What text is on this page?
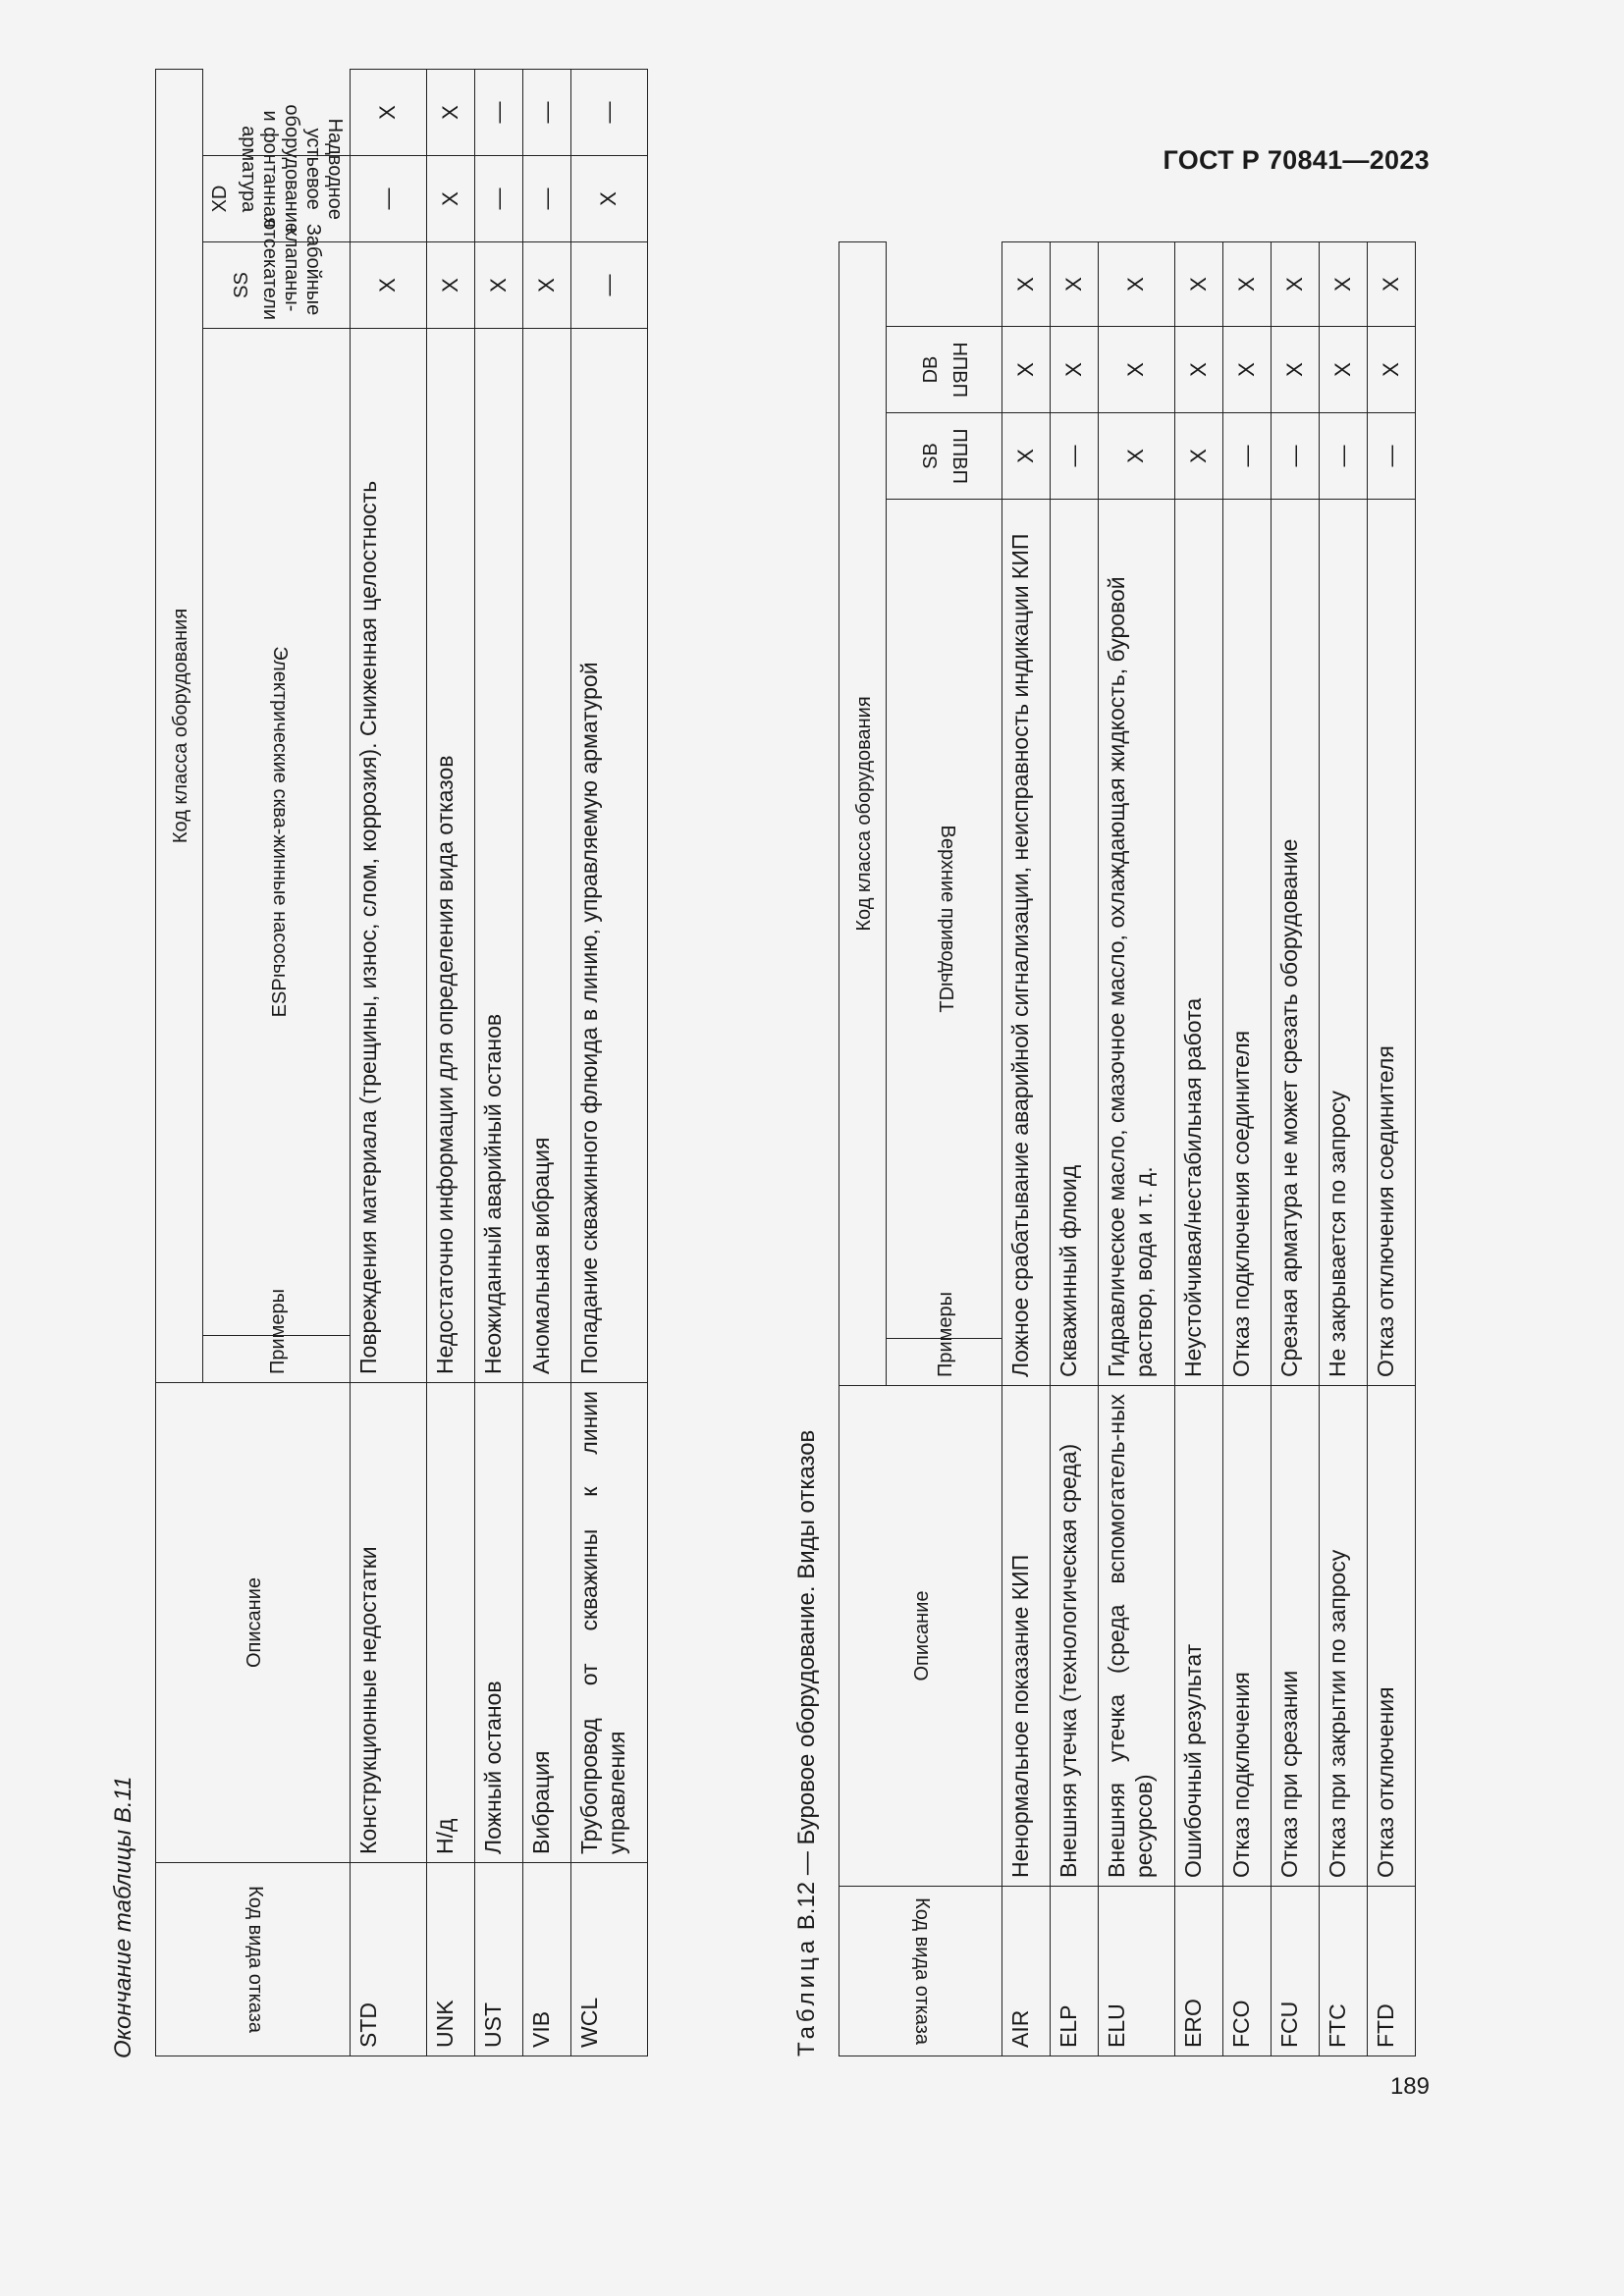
ГОСТ Р 70841—2023
Окончание таблицы В.11	Код вида отказа	Описание	Код класса оборудования				
		Примеры	ESPЭлектрические сква-жинные насосы	SS Забойные клапаны-отсекатели	XD Надводное устьевое оборудование и фонтанная арматура	
STD	Конструкционные недостатки	Повреждения материала (трещины, износ, слом, коррозия). Сниженная целостность		X	—	X
UNK	Н/д	Недостаточно информации для определения вида отказов		X	X	X
UST	Ложный останов	Неожиданный аварийный останов		X	—	—
VIB	Вибрация	Аномальная вибрация		X	—	—
WCL	Трубопровод от скважины к линии управления	Попадание скважинного флюида в линию, управляемую арматурой		—	X	—
Таблица В.12 — Буровое оборудование. Виды отказов
Код вида отказа	Описание	Код класса оборудования				
		Примеры	TDВерхние приводы	SB ППВП	DB НПВП	
AIR	Ненормальное показание КИП	Ложное срабатывание аварийной сигнализации, неисправность индикации КИП		X	X	X
ELP	Внешняя утечка (технологическая среда)	Скважинный флюид		—	X	X
ELU	Внешняя утечка (среда вспомогатель-ных ресурсов)	Гидравлическое масло, смазочное масло, охлаждающая жидкость, буровой раствор, вода и т. д.		X	X	X
ERO	Ошибочный результат	Неустойчивая/нестабильная работа		X	X	X
FCO	Отказ подключения	Отказ подключения соединителя		—	X	X
FCU	Отказ при срезании	Срезная арматура не может срезать оборудование		—	X	X
FTC	Отказ при закрытии по запросу	Не закрывается по запросу		—	X	X
FTD	Отказ отключения	Отказ отключения соединителя		—	X	X
189
